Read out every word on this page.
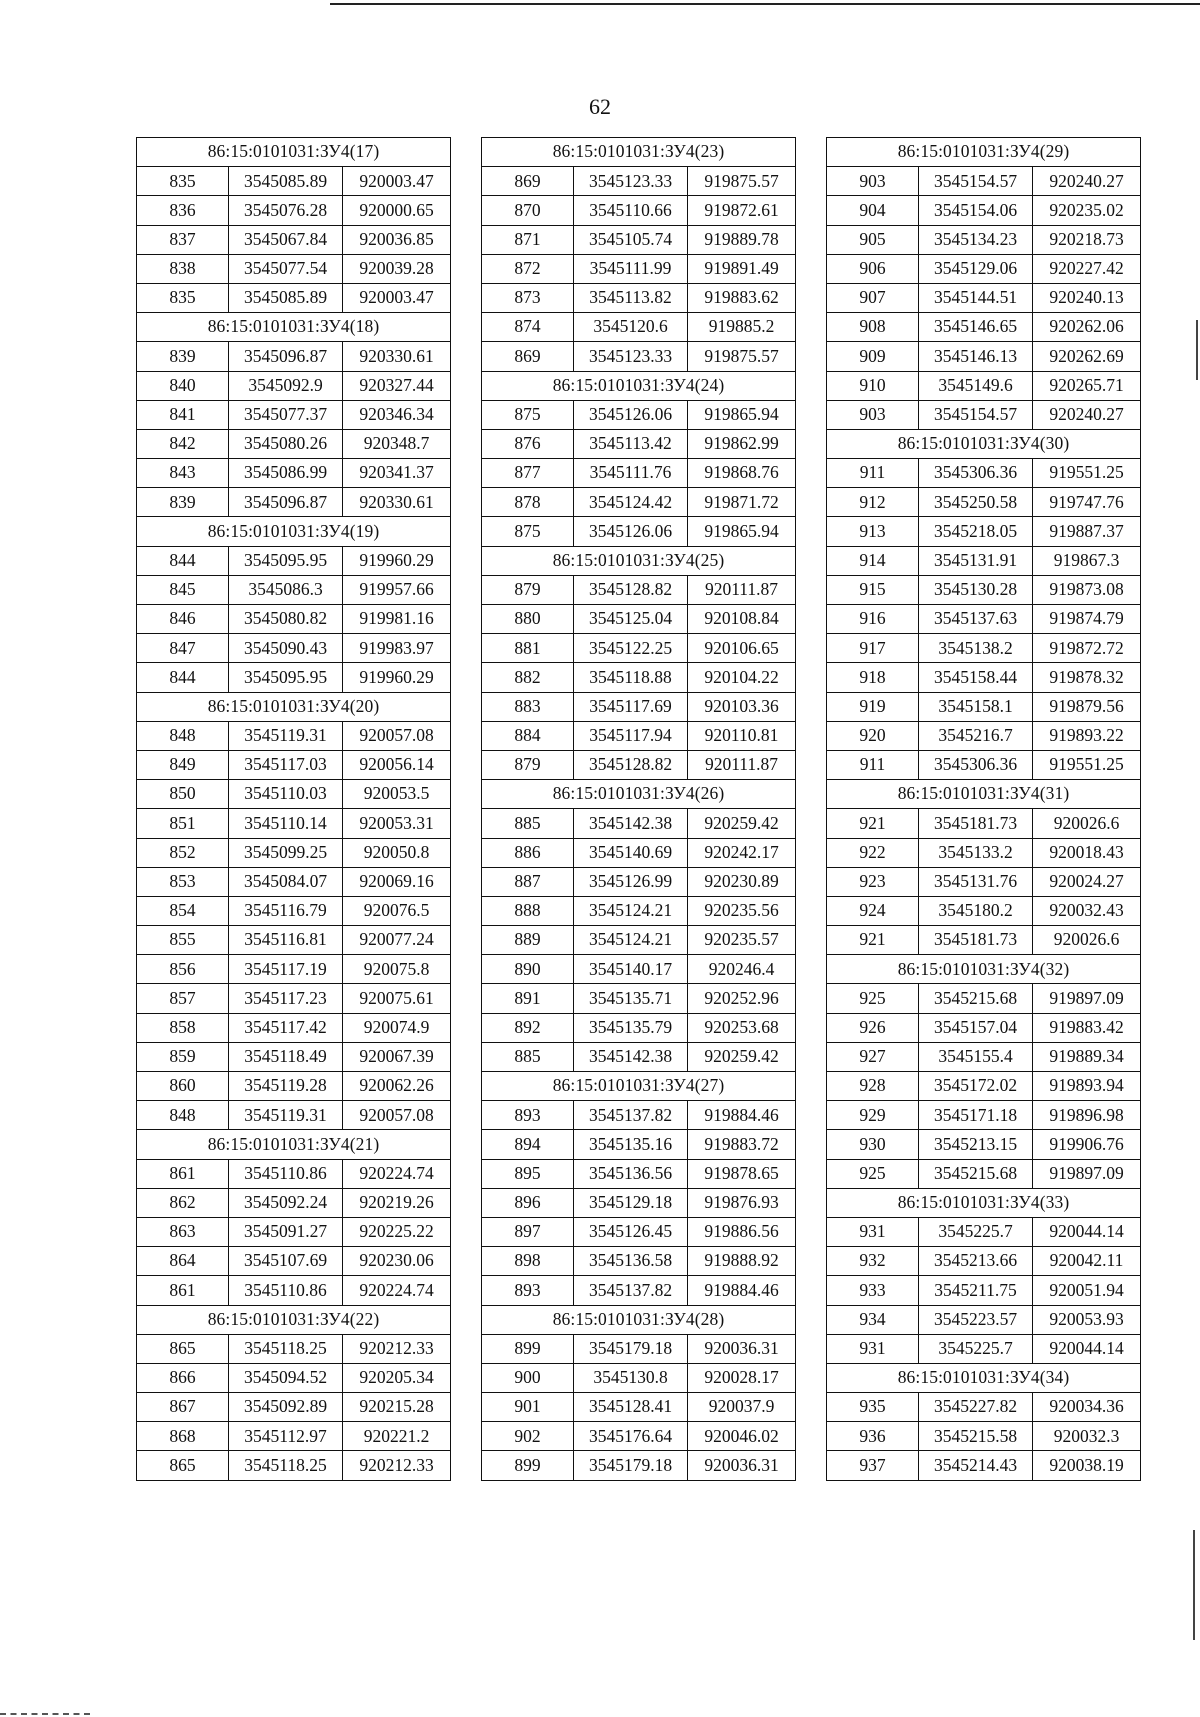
62
86:15:0101031:ЗУ4(17)		
835	3545085.89	920003.47
836	3545076.28	920000.65
837	3545067.84	920036.85
838	3545077.54	920039.28
835	3545085.89	920003.47
86:15:0101031:ЗУ4(18)		
839	3545096.87	920330.61
840	3545092.9	920327.44
841	3545077.37	920346.34
842	3545080.26	920348.7
843	3545086.99	920341.37
839	3545096.87	920330.61
86:15:0101031:ЗУ4(19)		
844	3545095.95	919960.29
845	3545086.3	919957.66
846	3545080.82	919981.16
847	3545090.43	919983.97
844	3545095.95	919960.29
86:15:0101031:ЗУ4(20)		
848	3545119.31	920057.08
849	3545117.03	920056.14
850	3545110.03	920053.5
851	3545110.14	920053.31
852	3545099.25	920050.8
853	3545084.07	920069.16
854	3545116.79	920076.5
855	3545116.81	920077.24
856	3545117.19	920075.8
857	3545117.23	920075.61
858	3545117.42	920074.9
859	3545118.49	920067.39
860	3545119.28	920062.26
848	3545119.31	920057.08
86:15:0101031:ЗУ4(21)		
861	3545110.86	920224.74
862	3545092.24	920219.26
863	3545091.27	920225.22
864	3545107.69	920230.06
861	3545110.86	920224.74
86:15:0101031:ЗУ4(22)		
865	3545118.25	920212.33
866	3545094.52	920205.34
867	3545092.89	920215.28
868	3545112.97	920221.2
865	3545118.25	920212.33
86:15:0101031:ЗУ4(23)		
869	3545123.33	919875.57
870	3545110.66	919872.61
871	3545105.74	919889.78
872	3545111.99	919891.49
873	3545113.82	919883.62
874	3545120.6	919885.2
869	3545123.33	919875.57
86:15:0101031:ЗУ4(24)		
875	3545126.06	919865.94
876	3545113.42	919862.99
877	3545111.76	919868.76
878	3545124.42	919871.72
875	3545126.06	919865.94
86:15:0101031:ЗУ4(25)		
879	3545128.82	920111.87
880	3545125.04	920108.84
881	3545122.25	920106.65
882	3545118.88	920104.22
883	3545117.69	920103.36
884	3545117.94	920110.81
879	3545128.82	920111.87
86:15:0101031:ЗУ4(26)		
885	3545142.38	920259.42
886	3545140.69	920242.17
887	3545126.99	920230.89
888	3545124.21	920235.56
889	3545124.21	920235.57
890	3545140.17	920246.4
891	3545135.71	920252.96
892	3545135.79	920253.68
885	3545142.38	920259.42
86:15:0101031:ЗУ4(27)		
893	3545137.82	919884.46
894	3545135.16	919883.72
895	3545136.56	919878.65
896	3545129.18	919876.93
897	3545126.45	919886.56
898	3545136.58	919888.92
893	3545137.82	919884.46
86:15:0101031:ЗУ4(28)		
899	3545179.18	920036.31
900	3545130.8	920028.17
901	3545128.41	920037.9
902	3545176.64	920046.02
899	3545179.18	920036.31
86:15:0101031:ЗУ4(29)		
903	3545154.57	920240.27
904	3545154.06	920235.02
905	3545134.23	920218.73
906	3545129.06	920227.42
907	3545144.51	920240.13
908	3545146.65	920262.06
909	3545146.13	920262.69
910	3545149.6	920265.71
903	3545154.57	920240.27
86:15:0101031:ЗУ4(30)		
911	3545306.36	919551.25
912	3545250.58	919747.76
913	3545218.05	919887.37
914	3545131.91	919867.3
915	3545130.28	919873.08
916	3545137.63	919874.79
917	3545138.2	919872.72
918	3545158.44	919878.32
919	3545158.1	919879.56
920	3545216.7	919893.22
911	3545306.36	919551.25
86:15:0101031:ЗУ4(31)		
921	3545181.73	920026.6
922	3545133.2	920018.43
923	3545131.76	920024.27
924	3545180.2	920032.43
921	3545181.73	920026.6
86:15:0101031:ЗУ4(32)		
925	3545215.68	919897.09
926	3545157.04	919883.42
927	3545155.4	919889.34
928	3545172.02	919893.94
929	3545171.18	919896.98
930	3545213.15	919906.76
925	3545215.68	919897.09
86:15:0101031:ЗУ4(33)		
931	3545225.7	920044.14
932	3545213.66	920042.11
933	3545211.75	920051.94
934	3545223.57	920053.93
931	3545225.7	920044.14
86:15:0101031:ЗУ4(34)		
935	3545227.82	920034.36
936	3545215.58	920032.3
937	3545214.43	920038.19
